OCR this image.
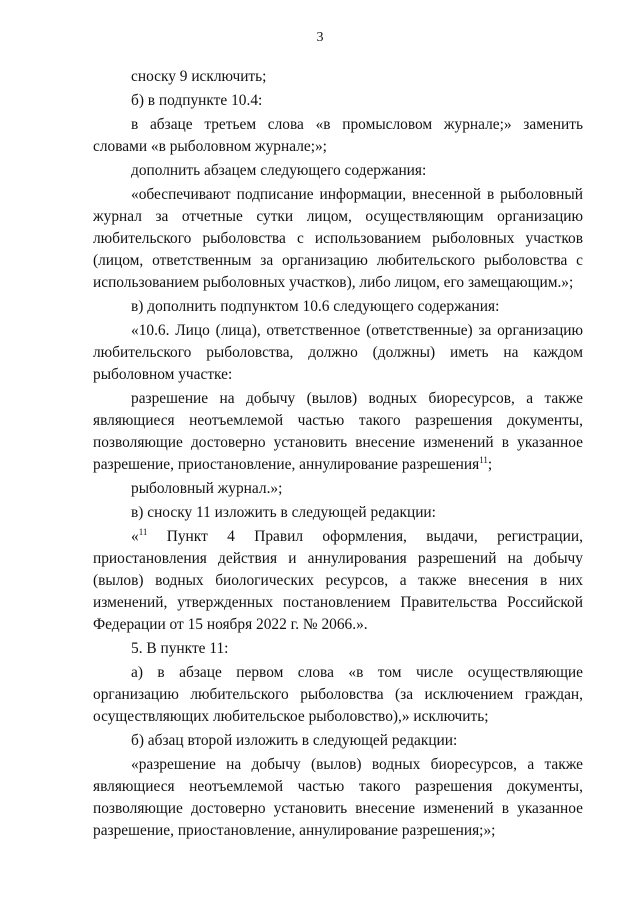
3

сноску 9 исключить;

б) в подпункте 10.4:

в абзаце третьем слова «в промысловом журнале;» заменить словами «в рыболовном журнале;»;

дополнить абзацем следующего содержания:

«обеспечивают подписание информации, внесенной в рыболовный журнал за отчетные сутки лицом, осуществляющим организацию любительского рыболовства с использованием рыболовных участков (лицом, ответственным за организацию любительского рыболовства с использованием рыболовных участков), либо лицом, его замещающим.»;

в) дополнить подпунктом 10.6 следующего содержания:

«10.6. Лицо (лица), ответственное (ответственные) за организацию любительского рыболовства, должно (должны) иметь на каждом рыболовном участке:

разрешение на добычу (вылов) водных биоресурсов, а также являющиеся неотъемлемой частью такого разрешения документы, позволяющие достоверно установить внесение изменений в указанное разрешение, приостановление, аннулирование разрешения$^{11}$;

рыболовный журнал.»;

в) сноску 11 изложить в следующей редакции:

«$^{11}$ Пункт 4 Правил оформления, выдачи, регистрации, приостановления действия и аннулирования разрешений на добычу (вылов) водных биологических ресурсов, а также внесения в них изменений, утвержденных постановлением Правительства Российской Федерации от 15 ноября 2022 г. № 2066.».

5. В пункте 11:

а) в абзаце первом слова «в том числе осуществляющие организацию любительского рыболовства (за исключением граждан, осуществляющих любительское рыболовство),» исключить;

б) абзац второй изложить в следующей редакции:

«разрешение на добычу (вылов) водных биоресурсов, а также являющиеся неотъемлемой частью такого разрешения документы, позволяющие достоверно установить внесение изменений в указанное разрешение, приостановление, аннулирование разрешения;»;
